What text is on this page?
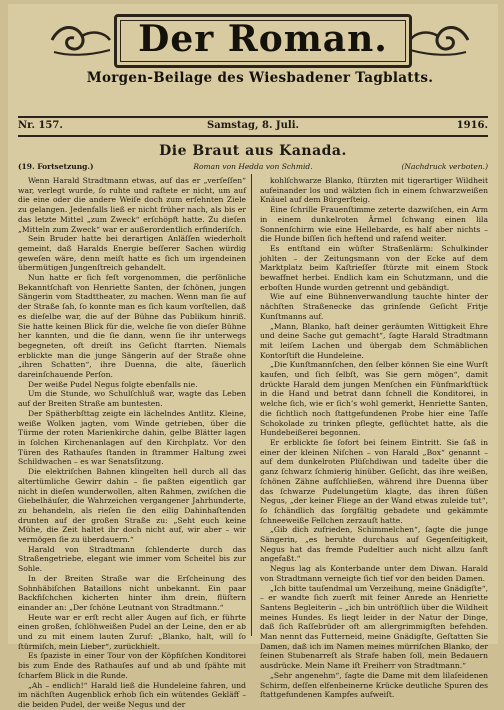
Der Roman.
Morgen-Beilage des Wiesbadener Tagblatts.
Nr. 157.	Samstag, 8. Juli.	1916.
Die Braut aus Kanada.
(19. Fortsetzung.)	Roman von Hedda von Schmid.	(Nachdruck verboten.)

Wenn Harald Stradtmann etwas, auf das er „verſeſſen“ war, verlegt wurde, ſo ruhte und raſtete er nicht, um auf die eine oder die andere Weiſe doch zum erſehnten Ziele zu gelangen. Jedenfalls ließ er nicht früher nach, als bis er das letzte Mittel „zum Zweck“ erſchöpft hatte. Zu dieſen „Mitteln zum Zweck“ war er außerordentlich erfinderiſch.

Sein Bruder hatte bei derartigen Anläſſen wiederholt gemeint, daß Haralds Energie beſſerer Sachen würdig geweſen wäre, denn meiſt hatte es ſich um irgendeinen übermütigen Jungenſtreich gehandelt.

Nun hatte er ſich feſt vorgenommen, die perſönliche Bekanntſchaft von Henriette Santen, der ſchönen, jungen Sängerin vom Stadttheater, zu machen. Wenn man ſie auf der Straße ſah, ſo konnte man es ſich kaum vorſtellen, daß es dieſelbe war, die auf der Bühne das Publikum hinriß. Sie hatte keinen Blick für die, welche ſie von dieſer Bühne her kannten, und die ſie dann, wenn ſie ihr unterwegs begegneten, oft dreiſt ins Geſicht ſtarrten. Niemals erblickte man die junge Sängerin auf der Straße ohne „ihren Schatten“, ihre Duenna, die alte, ſäuerlich dareinſchauende Perſon.

Der weiße Pudel Negus folgte ebenfalls nie.

Um die Stunde, wo Schulſchluß war, wagte das Leben auf der Breiten Straße am buntesten.

Der Spätherbſttag zeigte ein lächelndes Antlitz. Kleine, weiße Wolken jagten, vom Winde getrieben, über die Türme der roten Marienkirche dahin, gelbe Blätter lagen in ſolchen Kirchenanlagen auf den Kirchplatz. Vor den Türen des Rathauſes ſtanden in ſtrammer Haltung zwei Schildwachen – es war Senatsſitzung.

Die elektriſchen Bahnen klingelten hell durch all das altertümliche Gewirr dahin – ſie paßten eigentlich gar nicht in dieſen wunderwollen, alten Rahmen, zwiſchen die Giebelhäuſer, die Wahrzeichen vergangener Jahrhunderte, zu behandeln, als rieſen ſie den eilig Dahinhaſtenden drunten auf der großen Straße zu: „Seht euch keine Mühe, die Zeit haltet ihr doch nicht auf, wir aber – wir vermögen ſie zu überdauern.“

Harald von Stradtmann ſchlenderte durch das Straßengetriebe, elegant wie immer vom Scheitel bis zur Sohle.

In der Breiten Straße war die Erſcheinung des Sohnhäbiſchen Bataillons nicht unbekannt. Ein paar Backfiſchchen kicherten hinter ihm drein, flüſtern einander an: „Der ſchöne Leutnant von Stradtmann.“

Heute war er erſt recht aller Augen auf ſich, er führte einen großen, ſchlöhweißen Pudel an der Leine, den er ab und zu mit einem lauten Zuruf: „Blanko, halt, will ſo ſtürmiſch, mein Lieber“, zurückhielt.

Es ſpaziste in einer Tour von der Köpfiſchen Konditorei bis zum Ende des Rathauſes auf und ab und ſpähte mit ſcharfem Blick in die Runde.

„Ah – endlich!“ Harald ließ die Hundeleine fahren, und im nächſten Augenblick erhob ſich ein wütendes Gekläff – die beiden Pudel, der weiße Negus und der

kohlſchwarze Blanko, ſtürzten mit tigerartiger Wildheit aufeinander los und wälzten ſich in einem ſchwarzweißen Knäuel auf dem Bürgerſteig.

Eine ſchrille Frauenſtimme zeterte dazwiſchen, ein Arm in einem dunkelroten Ärmel ſchwang einen lila Sonnenſchirm wie eine Hellebarde, es half aber nichts – die Hunde biſſen ſich heftend und raſend weiter.

Es entſtand ein wüſter Straßenlärm: Schulkinder johlten – der Zeitungsmann von der Ecke auf dem Marktplatz beim Kaſtrieſſer ſtürzte mit einem Stock bewaffnet herbei. Endlich kam ein Schutzmann, und die erboſten Hunde wurden getrennt und gebändigt.

Wie auf eine Bühnenverwandlung tauchte hinter der nächſten Straßenecke das grinſende Geſicht Fritje Kunſtmanns auf.

„Mann, Blanko, haſt deiner geräumten Wittigkeit Ehre und deine Sache gut gemacht“, ſagte Harald Stradtmann mit leiſem Lachen und übergab dem Schmäblichen Kontorſtift die Hundeleine.

„Die Kunſtmannſchen, den ſelber können Sie eine Wurſt kaufen, und ſich ſelbſt, was Sie gern mögen“, damit drückte Harald dem jungen Menſchen ein Fünfmarkſtück in die Hand und betrat dann ſchnell die Konditorei, in welche ſich, wie er ſich’s wohl gemerkt, Henriette Santen, die ſichtlich noch ſtattgefundenen Probe hier eine Taſſe Schokolade zu trinken pflegte, geflüchtet hatte, als die Hundebeißerei begonnen.

Er erblickte ſie ſofort bei ſeinem Eintritt. Sie ſaß in einer der kleinen Niſchen – von Harald „Box“ genannt – auf dem dunkelroten Plüſchdiwan und tadelte über die ganz ſchwarz ſchmierig hinüber. Geſicht, das ihre weißen, ſchönen Zähne aufſchließen, während ihre Duenna über das ſchwarze Pudelungetüm klagte, das ihren ſüßen Negus, „der keiner Fliege an der Wand etwas zuleide tut“, ſo ſchändlich das ſorgfältig gebadete und gekämmte ſchneeweiße Fellchen zerzauſt hatte.

„Gib dich zufrieden, Schimmelchen“, ſagte die junge Sängerin, „es beruhte durchaus auf Gegenſeitigkeit, Negus hat das fremde Pudeltier auch nicht allzu ſanft angefaßt.“

Negus lag als Konterbande unter dem Diwan. Harald von Stradtmann verneigte ſich tief vor den beiden Damen.

„Ich bitte tauſendmal um Verzeihung, meine Gnädigſte“, – er wandte ſich zuerſt mit feiner Anrede an Henriette Santens Begleiterin – „ich bin untröſtlich über die Wildheit meines Hundes. Es liegt leider in der Natur der Dinge, daß ſich Raſſebrüder oft am allergrimmigſten befehden. Man nennt das Futterneid, meine Gnädigſte, Geſtatten Sie Damen, daß ich im Namen meines mürriſchen Blanko, der ſeinen Stubenarreſt als Strafe haben ſoll, mein Bedauern ausdrücke. Mein Name iſt Freiherr von Stradtmann.“

„Sehr angenehm“, ſagte die Dame mit dem lilaſeidenen Schirm, deſſen elfenbeinerne Krücke deutliche Spuren des ſtattgefundenen Kampfes aufweiſt.
